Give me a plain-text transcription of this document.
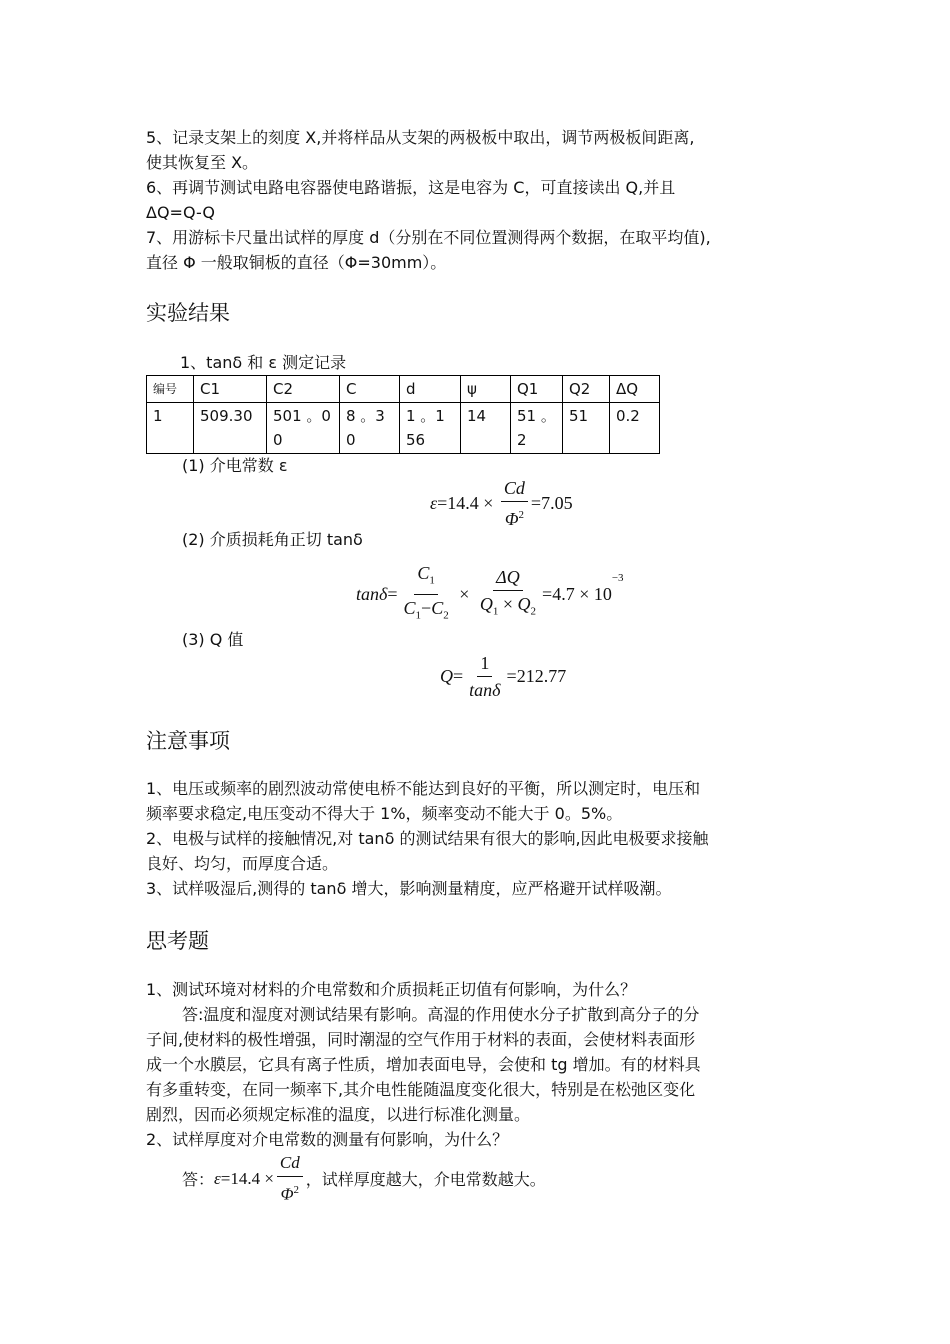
5、记录支架上的刻度 X,并将样品从支架的两极板中取出，调节两极板间距离,
使其恢复至 X。
6、再调节测试电路电容器使电路谐振，这是电容为 C，可直接读出 Q,并且
ΔQ=Q-Q
7、用游标卡尺量出试样的厚度 d（分别在不同位置测得两个数据，在取平均值),
直径 Φ 一般取铜板的直径（Φ=30mm）。
实验结果
1、tanδ 和 ε 测定记录
编号	C1	C2	C	d	ψ	Q1	Q2	ΔQ
1	509.30	501 。00	8 。3 0	1 。1 56	14	51 。2	51	0.2
(1) 介电常数 ε
$\varepsilon = 14.4 \times \frac{Cd}{\Phi^2} = 7.05$
(2) 介质损耗角正切 tanδ
$\tan\delta = \frac{C_1}{C_1-C_2} \times \frac{\Delta Q}{Q_1 \times Q_2} = 4.7 \times 10$
$^{-3}$
(3) Q 值
$Q = \frac{1}{\tan\delta} = 212.77$
注意事项
1、电压或频率的剧烈波动常使电桥不能达到良好的平衡，所以测定时，电压和
频率要求稳定,电压变动不得大于 1%，频率变动不能大于 0。5%。
2、电极与试样的接触情况,对 tanδ 的测试结果有很大的影响,因此电极要求接触
良好、均匀，而厚度合适。
3、试样吸湿后,测得的 tanδ 增大，影响测量精度，应严格避开试样吸潮。
思考题
1、测试环境对材料的介电常数和介质损耗正切值有何影响，为什么？
答:温度和湿度对测试结果有影响。高湿的作用使水分子扩散到高分子的分
子间,使材料的极性增强，同时潮湿的空气作用于材料的表面，会使材料表面形
成一个水膜层，它具有离子性质，增加表面电导，会使和 tg 增加。有的材料具
有多重转变，在同一频率下,其介电性能随温度变化很大，特别是在松弛区变化
剧烈，因而必须规定标准的温度，以进行标准化测量。
2、试样厚度对介电常数的测量有何影响，为什么？
答： $\varepsilon = 14.4 \times \frac{Cd}{\Phi^2}$ ，试样厚度越大，介电常数越大。
